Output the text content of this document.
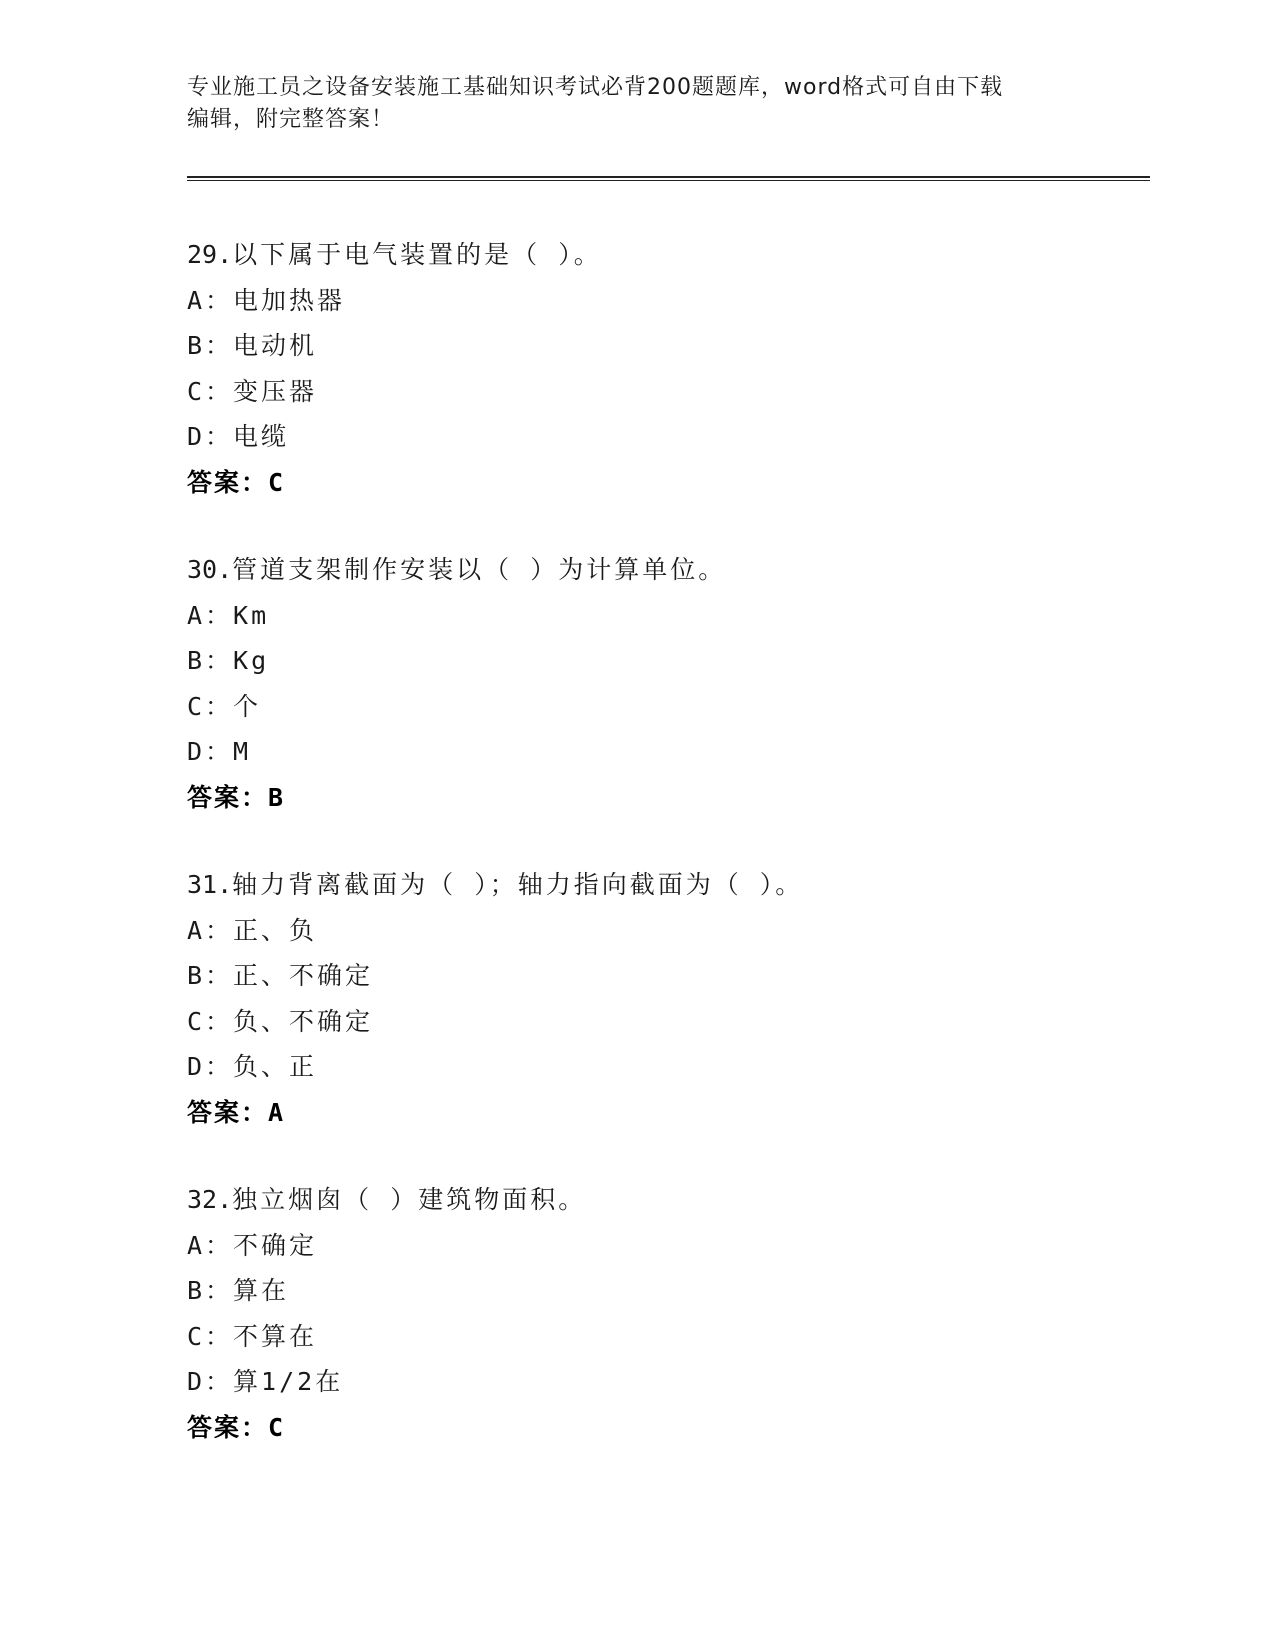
专业施工员之设备安装施工基础知识考试必背200题题库，word格式可自由下载
编辑，附完整答案！
29.以下属于电气装置的是（ ）。
A：电加热器
B：电动机
C：变压器
D：电缆
答案：C
30.管道支架制作安装以（ ）为计算单位。
A：Km
B：Kg
C：个
D：M
答案：B
31.轴力背离截面为（ ）；轴力指向截面为（ ）。
A：正、负
B：正、不确定
C：负、不确定
D：负、正
答案：A
32.独立烟囱（ ）建筑物面积。
A：不确定
B：算在
C：不算在
D：算1/2在
答案：C
